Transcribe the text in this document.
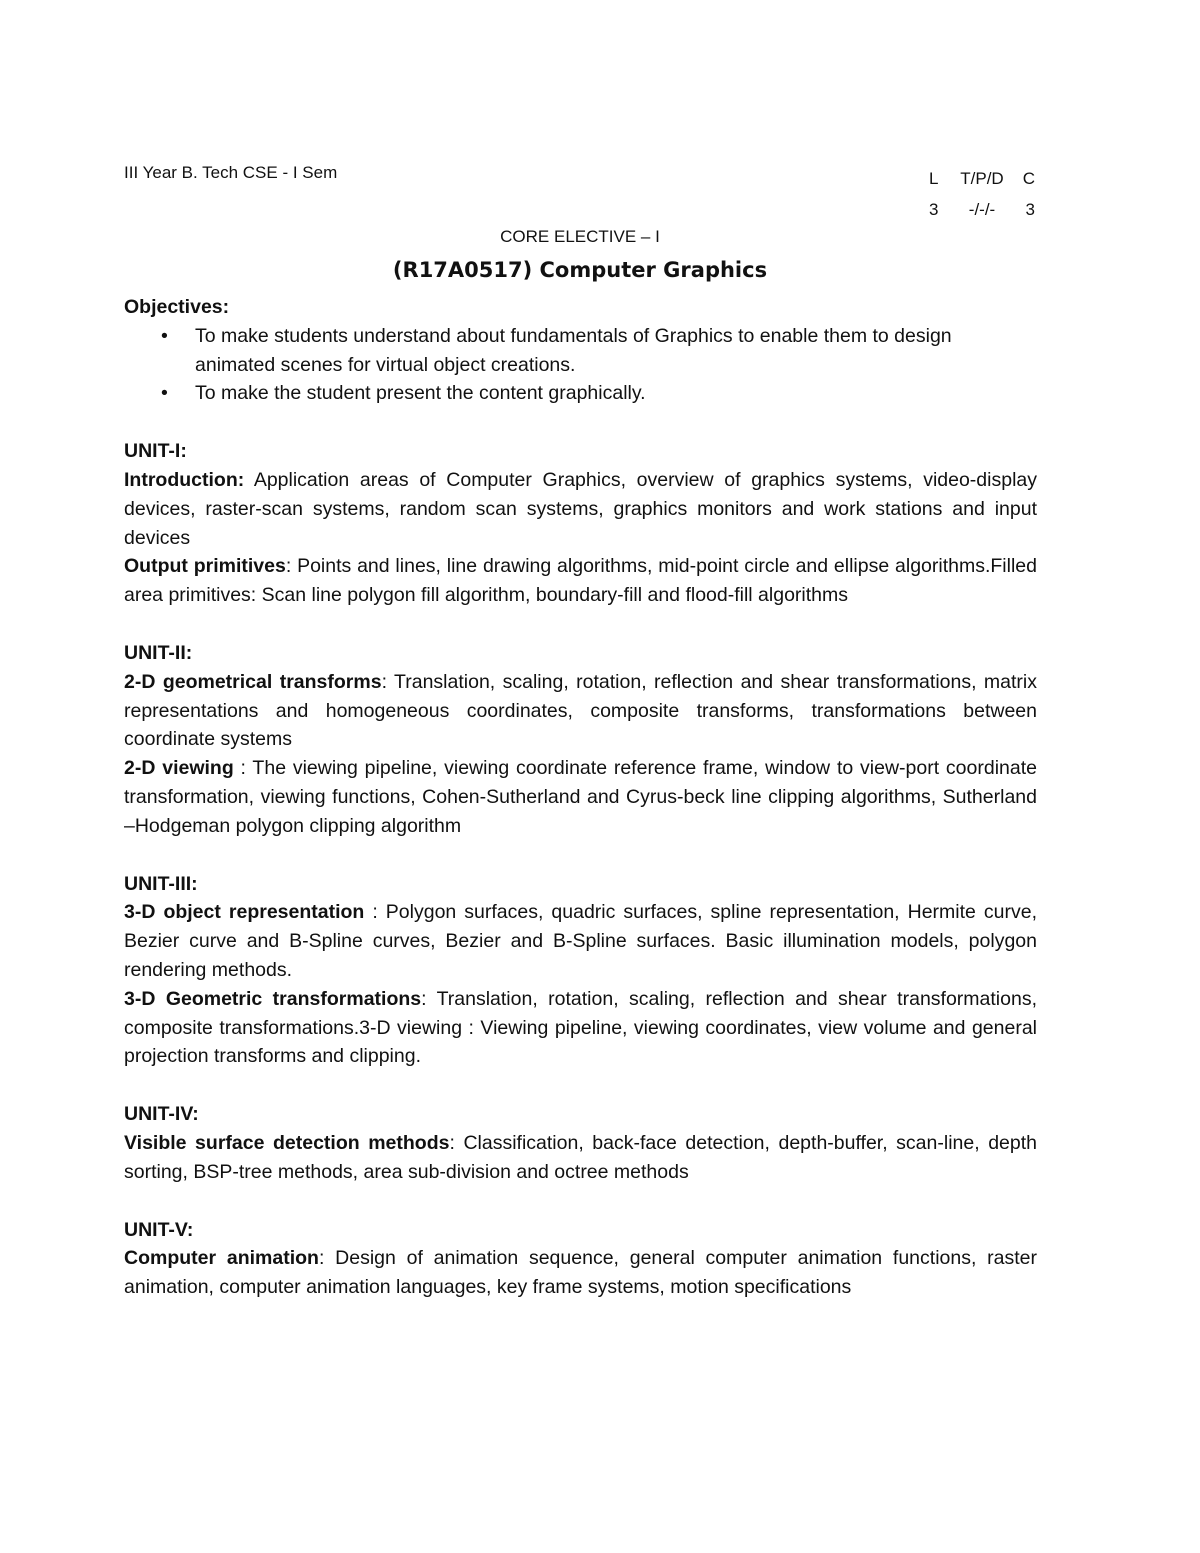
III Year B. Tech CSE - I Sem	L T/P/D C
3 -/-/- 3
CORE ELECTIVE – I
(R17A0517) Computer Graphics
Objectives:
• To make students understand about fundamentals of Graphics to enable them to design animated scenes for virtual object creations.
• To make the student present the content graphically.
UNIT-I:
Introduction: Application areas of Computer Graphics, overview of graphics systems, video-display devices, raster-scan systems, random scan systems, graphics monitors and work stations and input devices
Output primitives: Points and lines, line drawing algorithms, mid-point circle and ellipse algorithms.Filled area primitives: Scan line polygon fill algorithm, boundary-fill and flood-fill algorithms
UNIT-II:
2-D geometrical transforms: Translation, scaling, rotation, reflection and shear transformations, matrix representations and homogeneous coordinates, composite transforms, transformations between coordinate systems
2-D viewing : The viewing pipeline, viewing coordinate reference frame, window to view-port coordinate transformation, viewing functions, Cohen-Sutherland and Cyrus-beck line clipping algorithms, Sutherland –Hodgeman polygon clipping algorithm
UNIT-III:
3-D object representation : Polygon surfaces, quadric surfaces, spline representation, Hermite curve, Bezier curve and B-Spline curves, Bezier and B-Spline surfaces. Basic illumination models, polygon rendering methods.
3-D Geometric transformations: Translation, rotation, scaling, reflection and shear transformations, composite transformations.3-D viewing : Viewing pipeline, viewing coordinates, view volume and general projection transforms and clipping.
UNIT-IV:
Visible surface detection methods: Classification, back-face detection, depth-buffer, scan-line, depth sorting, BSP-tree methods, area sub-division and octree methods
UNIT-V:
Computer animation: Design of animation sequence, general computer animation functions, raster animation, computer animation languages, key frame systems, motion specifications
